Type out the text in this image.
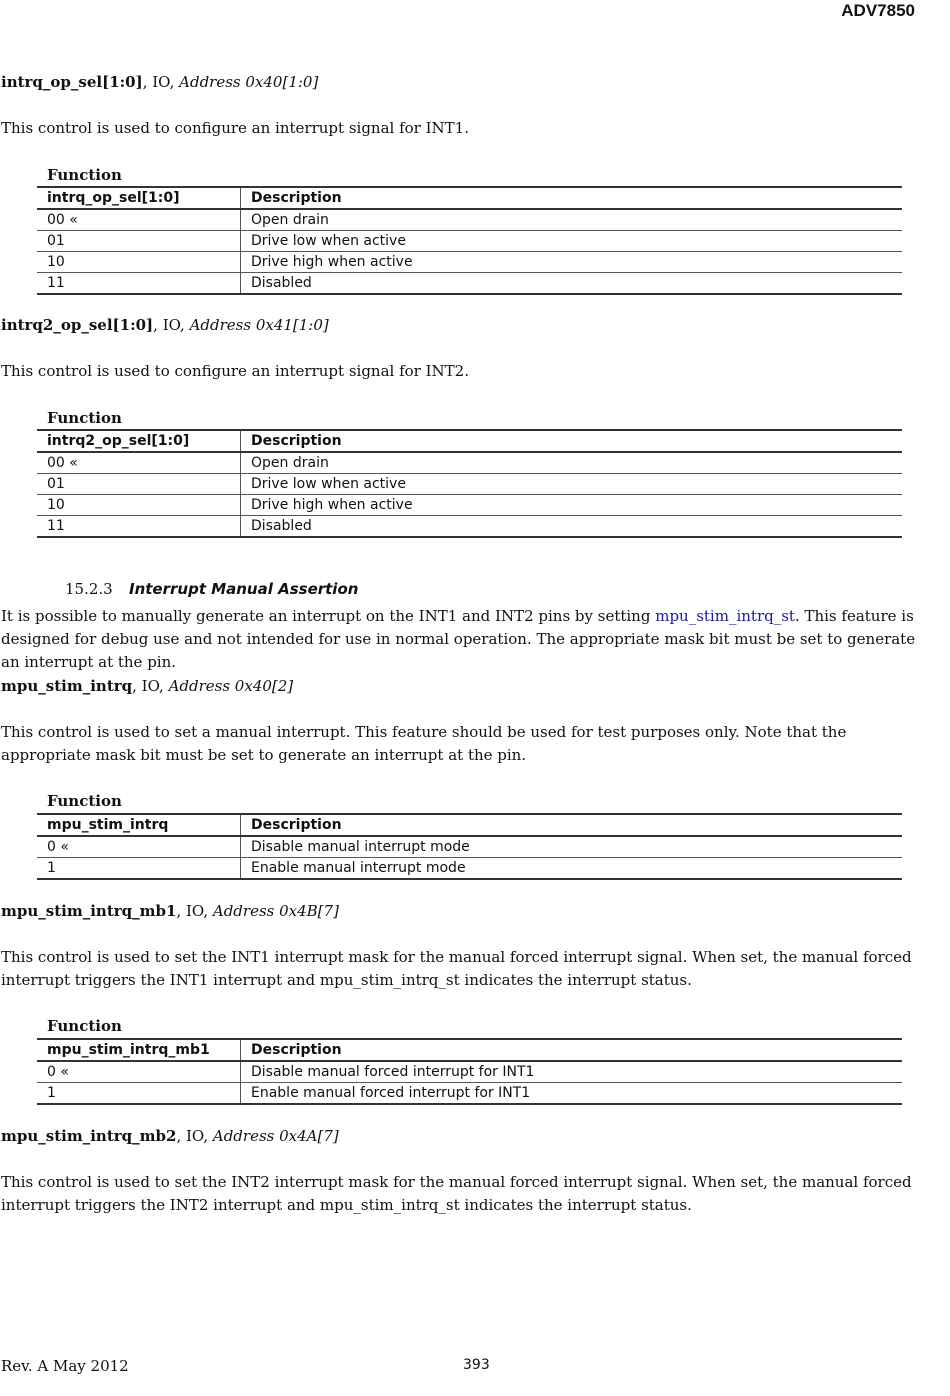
ADV7850
intrq_op_sel[1:0], IO, Address 0x40[1:0]
This control is used to configure an interrupt signal for INT1.
Function
intrq_op_sel[1:0]	Description
00 «	Open drain
01	Drive low when active
10	Drive high when active
11	Disabled
intrq2_op_sel[1:0], IO, Address 0x41[1:0]
This control is used to configure an interrupt signal for INT2.
Function
intrq2_op_sel[1:0]	Description
00 «	Open drain
01	Drive low when active
10	Drive high when active
11	Disabled
15.2.3 Interrupt Manual Assertion
It is possible to manually generate an interrupt on the INT1 and INT2 pins by setting mpu_stim_intrq_st. This feature is designed for debug use and not intended for use in normal operation. The appropriate mask bit must be set to generate an interrupt at the pin.
mpu_stim_intrq, IO, Address 0x40[2]
This control is used to set a manual interrupt. This feature should be used for test purposes only. Note that the appropriate mask bit must be set to generate an interrupt at the pin.
Function
mpu_stim_intrq	Description
0 «	Disable manual interrupt mode
1	Enable manual interrupt mode
mpu_stim_intrq_mb1, IO, Address 0x4B[7]
This control is used to set the INT1 interrupt mask for the manual forced interrupt signal. When set, the manual forced interrupt triggers the INT1 interrupt and mpu_stim_intrq_st indicates the interrupt status.
Function
mpu_stim_intrq_mb1	Description
0 «	Disable manual forced interrupt for INT1
1	Enable manual forced interrupt for INT1
mpu_stim_intrq_mb2, IO, Address 0x4A[7]
This control is used to set the INT2 interrupt mask for the manual forced interrupt signal. When set, the manual forced interrupt triggers the INT2 interrupt and mpu_stim_intrq_st indicates the interrupt status.
Rev. A May 2012	393
